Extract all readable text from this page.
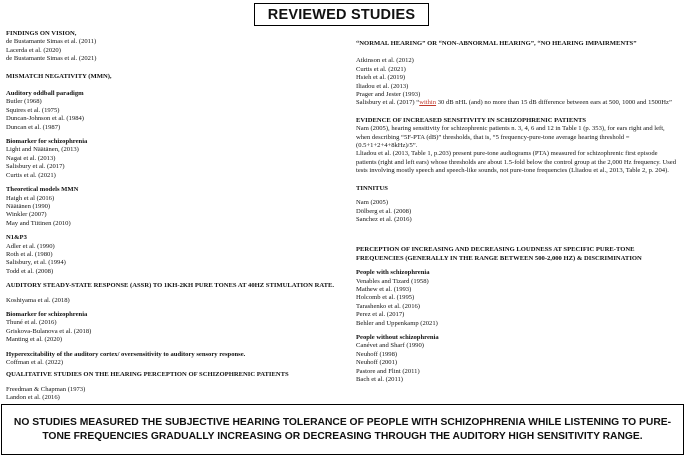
REVIEWED STUDIES
FINDINGS ON VISION,
de Bustamante Simas et al. (2011)
Lacerda et al. (2020)
de Bustamante Simas et al. (2021)
MISMATCH NEGATIVITY (MMN),
Auditory oddball paradigm
Butler (1968)
Squires et al. (1975)
Duncan-Johnson et al. (1984)
Duncan et al. (1987)
Biomarker for schizophrenia
Light and Näätänen, (2013)
Nagai et al. (2013)
Salisbury et al. (2017)
Curtis et al. (2021)
Theoretical models MMN
Haigh et al (2016)
Näätänen (1990)
Winkler (2007)
May and Tiitinen (2010)
N1&P3
Adler et al. (1990)
Roth et al. (1980)
Salisbury, et al. (1994)
Todd et al. (2008)
AUDITORY STEADY-STATE RESPONSE (ASSR) TO 1KH-2KH PURE TONES AT 40HZ STIMULATION RATE.
Koshiyama et al. (2018)
Biomarker for schizophrenia
Thuné et al. (2016)
Griskova-Bulanova et al. (2018)
Manting et al. (2020)
Hyperexcitability of the auditory cortex/ oversensitivity to auditory sensory response.
Coffman et al. (2022)
QUALITATIVE STUDIES ON THE HEARING PERCEPTION OF SCHIZOPHRENIC PATIENTS
Freedman & Chapman (1973)
Landon et al. (2016)
“NORMAL HEARING” OR “NON-ABNORMAL HEARING”, “NO HEARING IMPAIRMENTS”
Atkinson et al. (2012)
Curtis et al. (2021)
Hsieh et al. (2019)
Iliadou et al. (2013)
Prager and Jester (1993)
Salisbury et al. (2017) “within 30 dB nHL (and) no more than 15 dB difference between ears at 500, 1000 and 1500Hz”
EVIDENCE OF INCREASED SENSITIVITY IN SCHIZOPHRENIC PATIENTS

Nam (2005), hearing sensitivity for schizophrenic patients n. 3, 4, 6 and 12 in Table 1 (p. 353), for ears right and left, when describing “5F-PTA (dB)” thresholds, that is, “5 frequency-pure-tone average hearing threshold = (0.5+1+2+4+8kHz)/5”.

Lliadou et al. (2013, Table 1, p.203) present pure-tone audiograms (PTA) measured for schizophrenic first episode patients (right and left ears) whose thresholds are about 1.5-fold below the control group at the 2,000 Hz frequency. Used tests involving mostly speech and speech-like sounds, not pure-tone frequencies (Lliadou et al., 2013, Table 2, p. 204).

TINNITUS
Nam (2005)
Dölberg et al. (2008)
Sanchez et al. (2016)
PERCEPTION OF INCREASING AND DECREASING LOUDNESS AT SPECIFIC PURE-TONE FREQUENCIES (GENERALLY IN THE RANGE BETWEEN 500-2,000 HZ) & DISCRIMINATION
People with schizophrenia
Venables and Tizard (1958)
Mathew et al. (1993)
Holcomb et al. (1995)
Tarashenko et al. (2016)
Perez et al. (2017)
Behler and Uppenkamp (2021)
People without schizophrenia
Canévet and Sharf (1990)
Neuhoff (1998)
Neuhoff (2001)
Pastore and Flint (2011)
Bach et al. (2011)
NO STUDIES MEASURED THE SUBJECTIVE HEARING TOLERANCE OF PEOPLE WITH SCHIZOPHRENIA WHILE LISTENING TO PURE-TONE FREQUENCIES GRADUALLY INCREASING OR DECREASING THROUGH THE AUDITORY HIGH SENSITIVITY RANGE.
